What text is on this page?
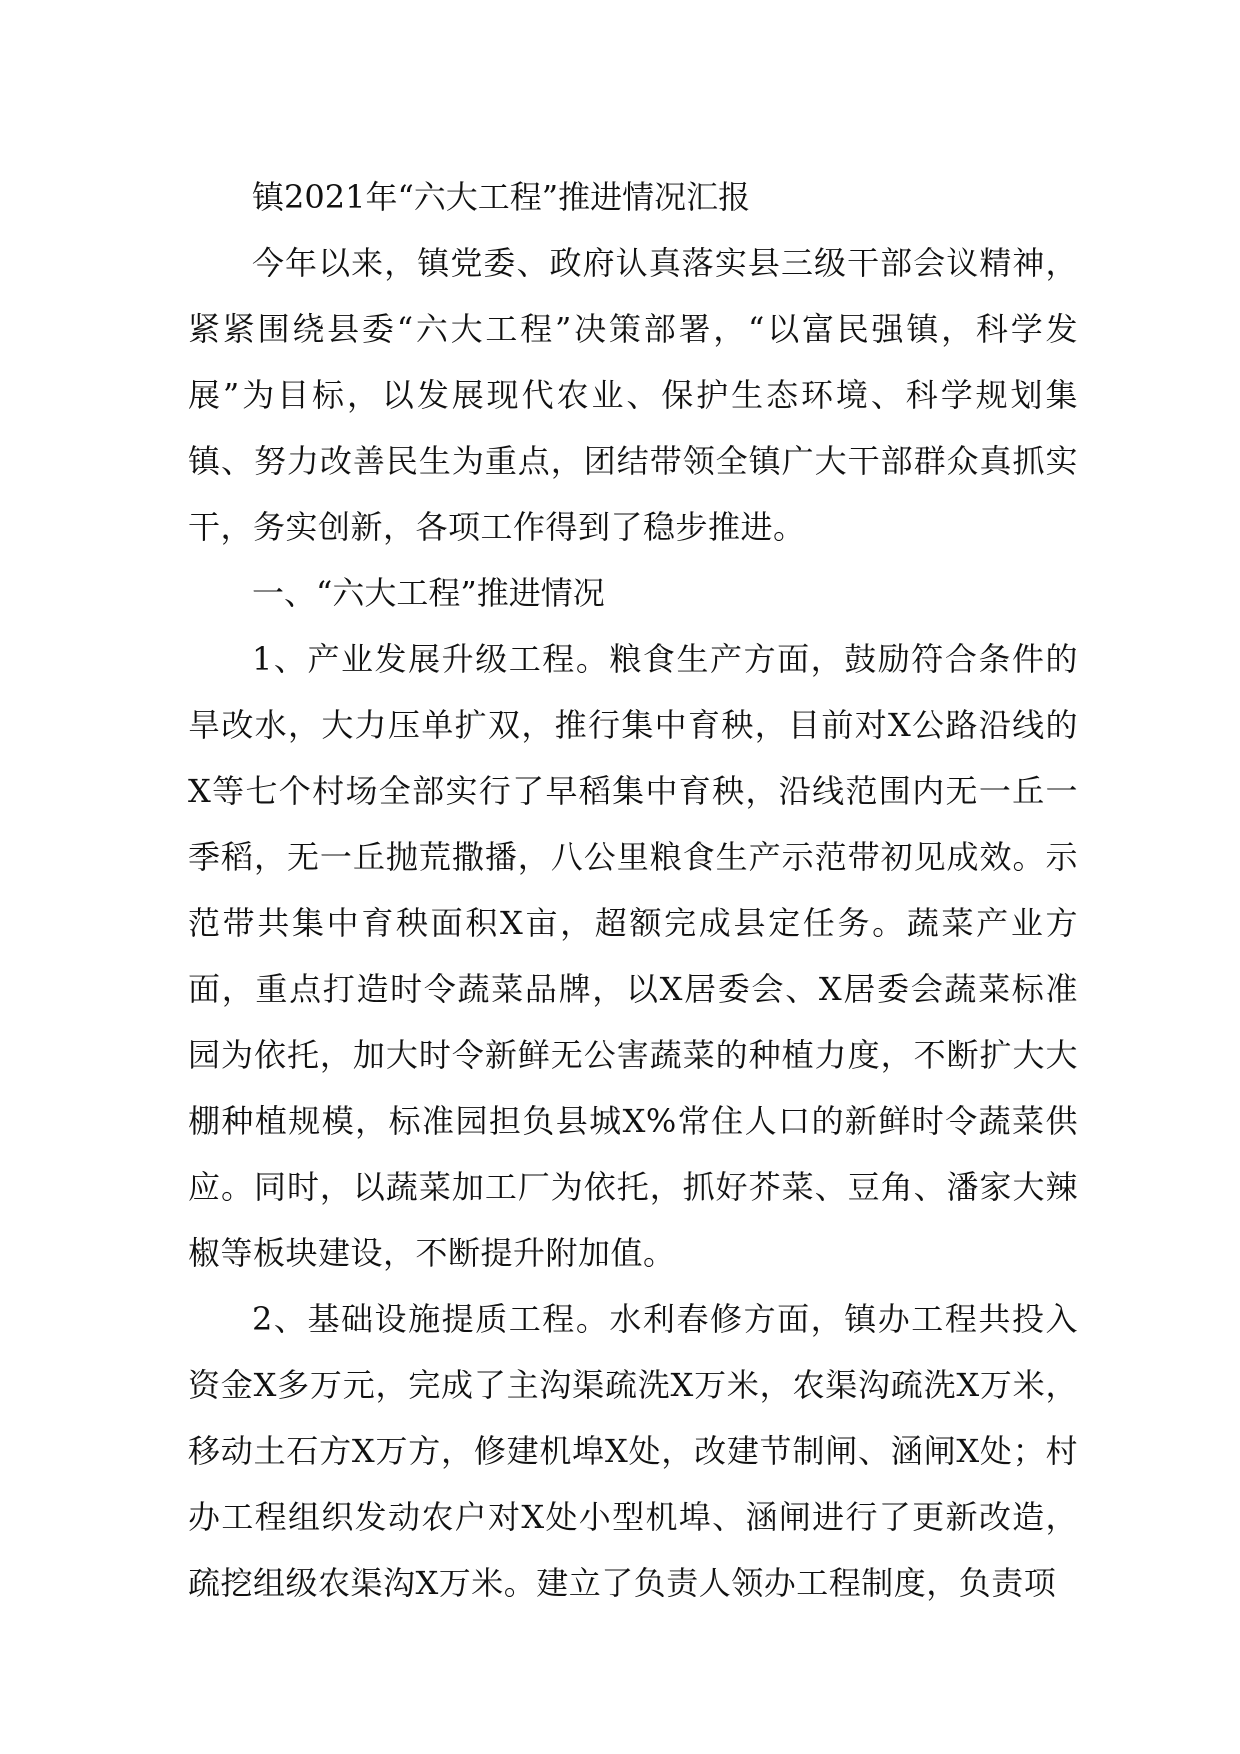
镇2021年“六大工程”推进情况汇报

今年以来，镇党委、政府认真落实县三级干部会议精神，紧紧围绕县委“六大工程”决策部署，“以富民强镇，科学发展”为目标，以发展现代农业、保护生态环境、科学规划集镇、努力改善民生为重点，团结带领全镇广大干部群众真抓实干，务实创新，各项工作得到了稳步推进。

一、“六大工程”推进情况

1、产业发展升级工程。粮食生产方面，鼓励符合条件的旱改水，大力压单扩双，推行集中育秧，目前对X公路沿线的X等七个村场全部实行了早稻集中育秧，沿线范围内无一丘一季稻，无一丘抛荒撒播，八公里粮食生产示范带初见成效。示范带共集中育秧面积X亩，超额完成县定任务。蔬菜产业方面，重点打造时令蔬菜品牌，以X居委会、X居委会蔬菜标准园为依托，加大时令新鲜无公害蔬菜的种植力度，不断扩大大棚种植规模，标准园担负县城X%常住人口的新鲜时令蔬菜供应。同时，以蔬菜加工厂为依托，抓好芥菜、豆角、潘家大辣椒等板块建设，不断提升附加值。

2、基础设施提质工程。水利春修方面，镇办工程共投入资金X多万元，完成了主沟渠疏洗X万米，农渠沟疏洗X万米，移动土石方X万方，修建机埠X处，改建节制闸、涵闸X处；村办工程组织发动农户对X处小型机埠、涵闸进行了更新改造，疏挖组级农渠沟X万米。建立了负责人领办工程制度，负责项
